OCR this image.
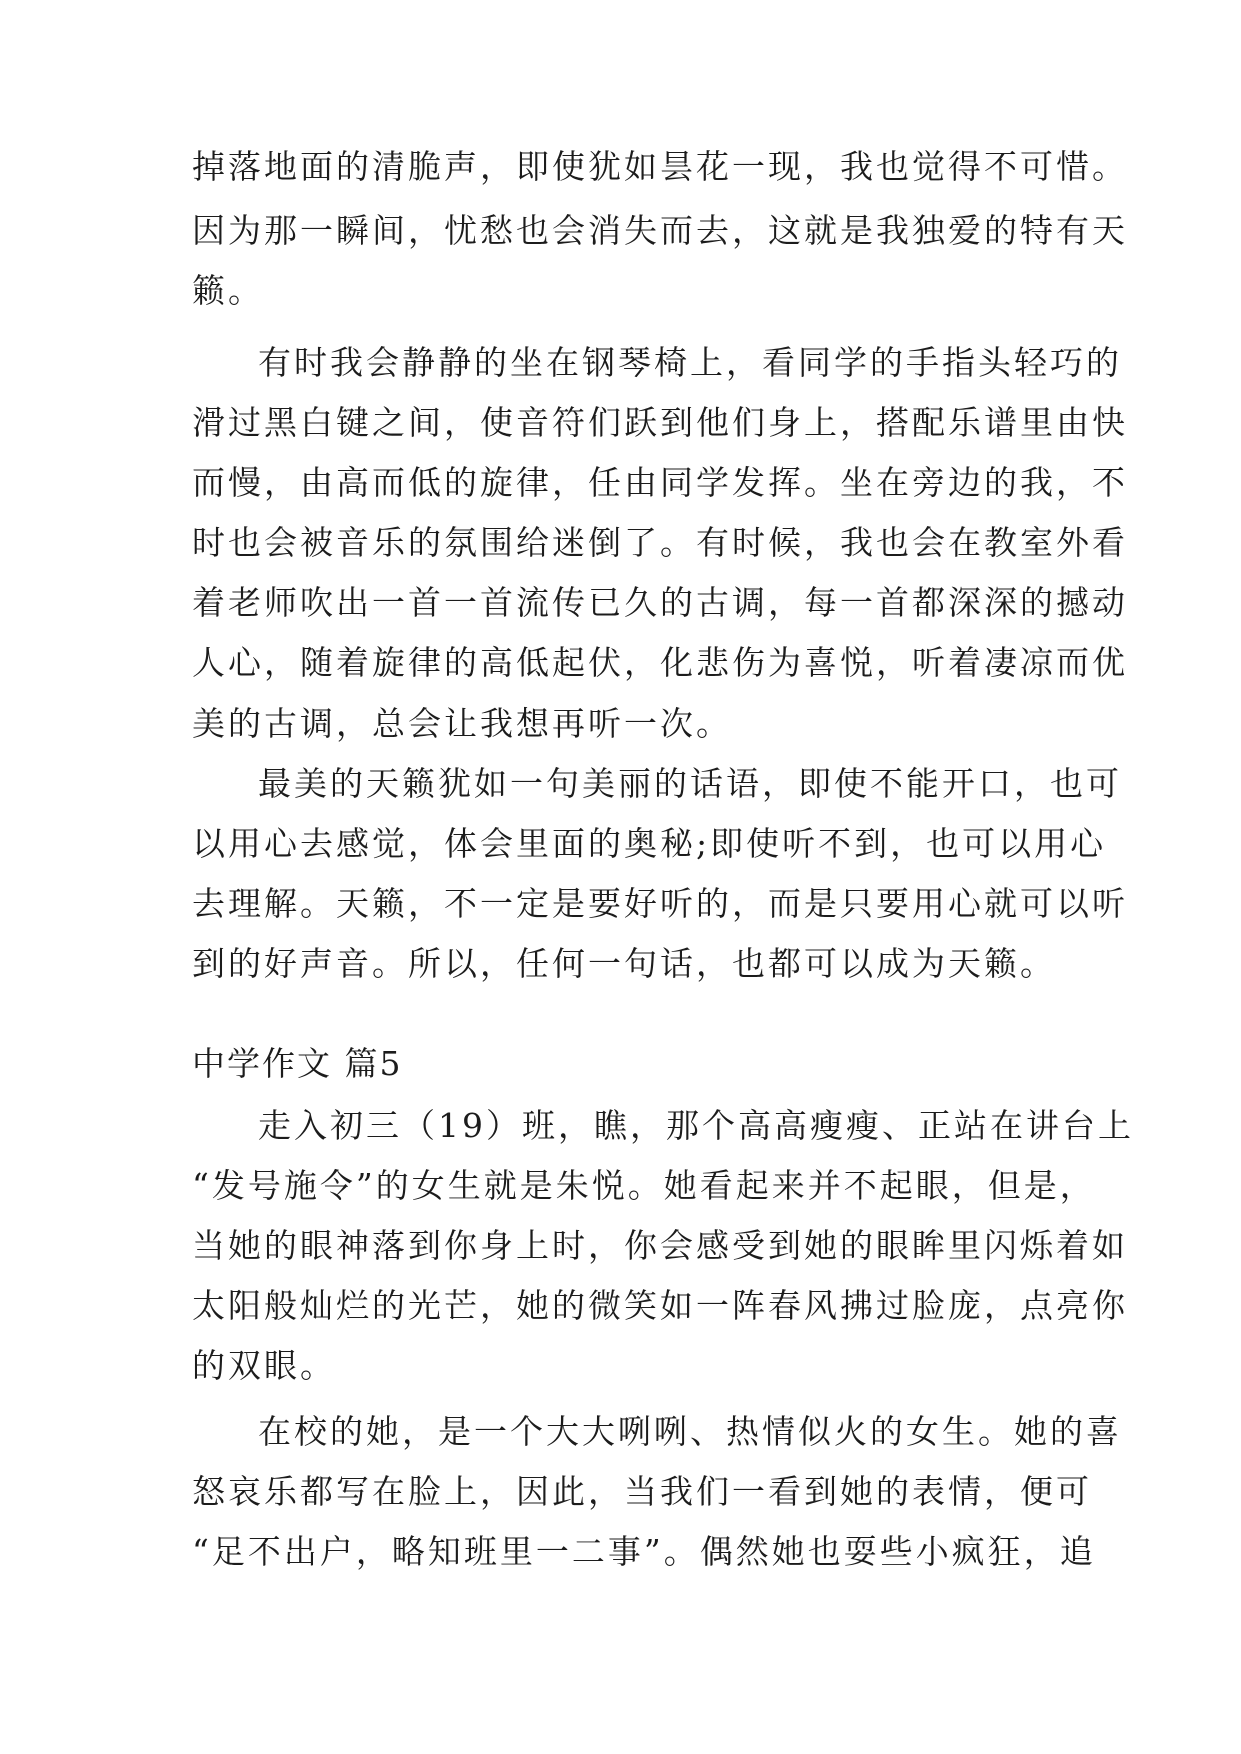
掉落地面的清脆声，即使犹如昙花一现，我也觉得不可惜。
因为那一瞬间，忧愁也会消失而去，这就是我独爱的特有天
籁。
有时我会静静的坐在钢琴椅上，看同学的手指头轻巧的
滑过黑白键之间，使音符们跃到他们身上，搭配乐谱里由快
而慢，由高而低的旋律，任由同学发挥。坐在旁边的我，不
时也会被音乐的氛围给迷倒了。有时候，我也会在教室外看
着老师吹出一首一首流传已久的古调，每一首都深深的撼动
人心，随着旋律的高低起伏，化悲伤为喜悦，听着凄凉而优
美的古调，总会让我想再听一次。
最美的天籁犹如一句美丽的话语，即使不能开口，也可
以用心去感觉，体会里面的奥秘;即使听不到，也可以用心
去理解。天籁，不一定是要好听的，而是只要用心就可以听
到的好声音。所以，任何一句话，也都可以成为天籁。
中学作文 篇5
走入初三（19）班，瞧，那个高高瘦瘦、正站在讲台上
“发号施令”的女生就是朱悦。她看起来并不起眼，但是，
当她的眼神落到你身上时，你会感受到她的眼眸里闪烁着如
太阳般灿烂的光芒，她的微笑如一阵春风拂过脸庞，点亮你
的双眼。
在校的她，是一个大大咧咧、热情似火的女生。她的喜
怒哀乐都写在脸上，因此，当我们一看到她的表情，便可
“足不出户，略知班里一二事”。偶然她也耍些小疯狂，追
